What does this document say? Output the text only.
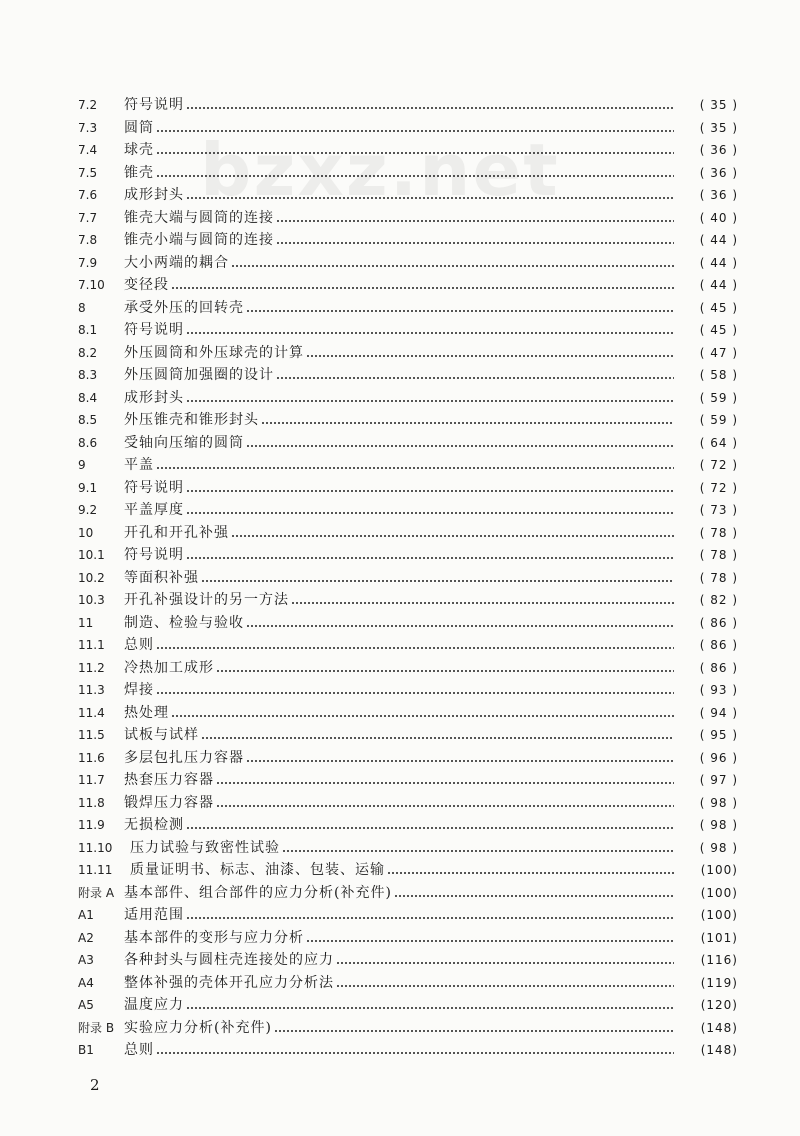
bzxz.net
7.2	符号说明	( 35 )
7.3	圆筒	( 35 )
7.4	球壳	( 36 )
7.5	锥壳	( 36 )
7.6	成形封头	( 36 )
7.7	锥壳大端与圆筒的连接	( 40 )
7.8	锥壳小端与圆筒的连接	( 44 )
7.9	大小两端的耦合	( 44 )
7.10	变径段	( 44 )
8	承受外压的回转壳	( 45 )
8.1	符号说明	( 45 )
8.2	外压圆筒和外压球壳的计算	( 47 )
8.3	外压圆筒加强圈的设计	( 58 )
8.4	成形封头	( 59 )
8.5	外压锥壳和锥形封头	( 59 )
8.6	受轴向压缩的圆筒	( 64 )
9	平盖	( 72 )
9.1	符号说明	( 72 )
9.2	平盖厚度	( 73 )
10	开孔和开孔补强	( 78 )
10.1	符号说明	( 78 )
10.2	等面积补强	( 78 )
10.3	开孔补强设计的另一方法	( 82 )
11	制造、检验与验收	( 86 )
11.1	总则	( 86 )
11.2	冷热加工成形	( 86 )
11.3	焊接	( 93 )
11.4	热处理	( 94 )
11.5	试板与试样	( 95 )
11.6	多层包扎压力容器	( 96 )
11.7	热套压力容器	( 97 )
11.8	锻焊压力容器	( 98 )
11.9	无损检测	( 98 )
11.10	压力试验与致密性试验	( 98 )
11.11	质量证明书、标志、油漆、包装、运输	(100)
附录 A 基本部件、组合部件的应力分析(补充件)	(100)
A1	适用范围	(100)
A2	基本部件的变形与应力分析	(101)
A3	各种封头与圆柱壳连接处的应力	(116)
A4	整体补强的壳体开孔应力分析法	(119)
A5	温度应力	(120)
附录 B 实验应力分析(补充件)	(148)
B1	总则	(148)
2
